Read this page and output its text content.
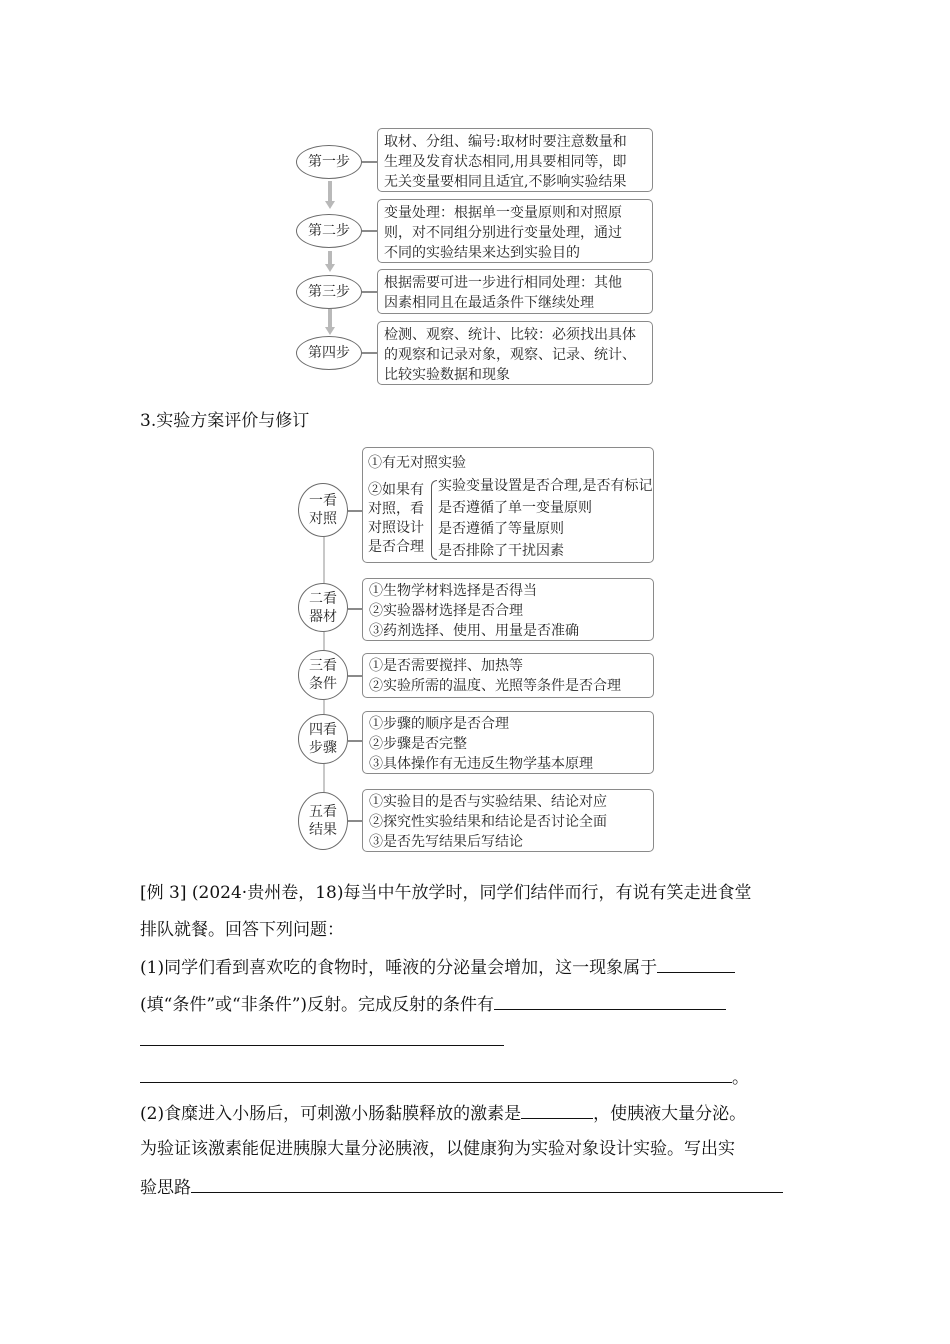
第一步
取材、分组、编号:取材时要注意数量和
生理及发育状态相同,用具要相同等，即
无关变量要相同且适宜,不影响实验结果
第二步
变量处理：根据单一变量原则和对照原
则，对不同组分别进行变量处理，通过
不同的实验结果来达到实验目的
第三步
根据需要可进一步进行相同处理：其他
因素相同且在最适条件下继续处理
第四步
检测、观察、统计、比较：必须找出具体
的观察和记录对象，观察、记录、统计、
比较实验数据和现象
3.实验方案评价与修订
一看
对照
①有无对照实验
②如果有
对照，看
对照设计
是否合理
实验变量设置是否合理,是否有标记
是否遵循了单一变量原则
是否遵循了等量原则
是否排除了干扰因素
二看
器材
①生物学材料选择是否得当
②实验器材选择是否合理
③药剂选择、使用、用量是否准确
三看
条件
①是否需要搅拌、加热等
②实验所需的温度、光照等条件是否合理
四看
步骤
①步骤的顺序是否合理
②步骤是否完整
③具体操作有无违反生物学基本原理
五看
结果
①实验目的是否与实验结果、结论对应
②探究性实验结果和结论是否讨论全面
③是否先写结果后写结论
[例 3] (2024·贵州卷，18)每当中午放学时，同学们结伴而行，有说有笑走进食堂
排队就餐。回答下列问题：
(1)同学们看到喜欢吃的食物时，唾液的分泌量会增加，这一现象属于
(填“条件”或“非条件”)反射。完成反射的条件有
。
(2)食糜进入小肠后，可刺激小肠黏膜释放的激素是	，使胰液大量分泌。
为验证该激素能促进胰腺大量分泌胰液，以健康狗为实验对象设计实验。写出实
验思路
